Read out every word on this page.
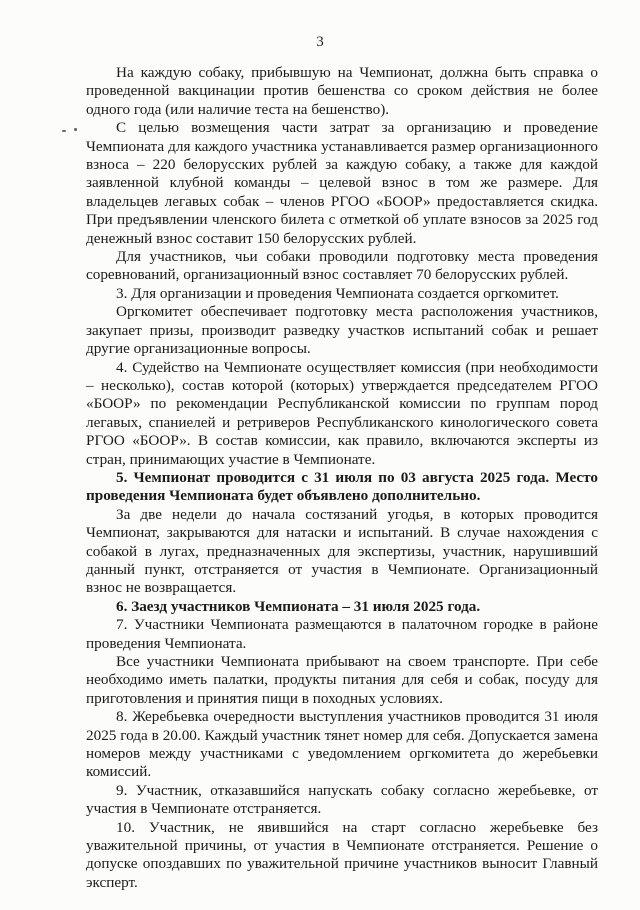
3

На каждую собаку, прибывшую на Чемпионат, должна быть справка о проведенной вакцинации против бешенства со сроком действия не более одного года (или наличие теста на бешенство).

С целью возмещения части затрат за организацию и проведение Чемпионата для каждого участника устанавливается размер организационного взноса – 220 белорусских рублей за каждую собаку, а также для каждой заявленной клубной команды – целевой взнос в том же размере. Для владельцев легавых собак – членов РГОО «БООР» предоставляется скидка. При предъявлении членского билета с отметкой об уплате взносов за 2025 год денежный взнос составит 150 белорусских рублей.

Для участников, чьи собаки проводили подготовку места проведения соревнований, организационный взнос составляет 70 белорусских рублей.

3. Для организации и проведения Чемпионата создается оргкомитет.

Оргкомитет обеспечивает подготовку места расположения участников, закупает призы, производит разведку участков испытаний собак и решает другие организационные вопросы.

4. Судейство на Чемпионате осуществляет комиссия (при необходимости – несколько), состав которой (которых) утверждается председателем РГОО «БООР» по рекомендации Республиканской комиссии по группам пород легавых, спаниелей и ретриверов Республиканского кинологического совета РГОО «БООР». В состав комиссии, как правило, включаются эксперты из стран, принимающих участие в Чемпионате.

5. Чемпионат проводится с 31 июля по 03 августа 2025 года. Место проведения Чемпионата будет объявлено дополнительно.

За две недели до начала состязаний угодья, в которых проводится Чемпионат, закрываются для натаски и испытаний. В случае нахождения с собакой в лугах, предназначенных для экспертизы, участник, нарушивший данный пункт, отстраняется от участия в Чемпионате. Организационный взнос не возвращается.

6. Заезд участников Чемпионата – 31 июля 2025 года.

7. Участники Чемпионата размещаются в палаточном городке в районе проведения Чемпионата.

Все участники Чемпионата прибывают на своем транспорте. При себе необходимо иметь палатки, продукты питания для себя и собак, посуду для приготовления и принятия пищи в походных условиях.

8. Жеребьевка очередности выступления участников проводится 31 июля 2025 года в 20.00. Каждый участник тянет номер для себя. Допускается замена номеров между участниками с уведомлением оргкомитета до жеребьевки комиссий.

9. Участник, отказавшийся напускать собаку согласно жеребьевке, от участия в Чемпионате отстраняется.

10. Участник, не явившийся на старт согласно жеребьевке без уважительной причины, от участия в Чемпионате отстраняется. Решение о допуске опоздавших по уважительной причине участников выносит Главный эксперт.
